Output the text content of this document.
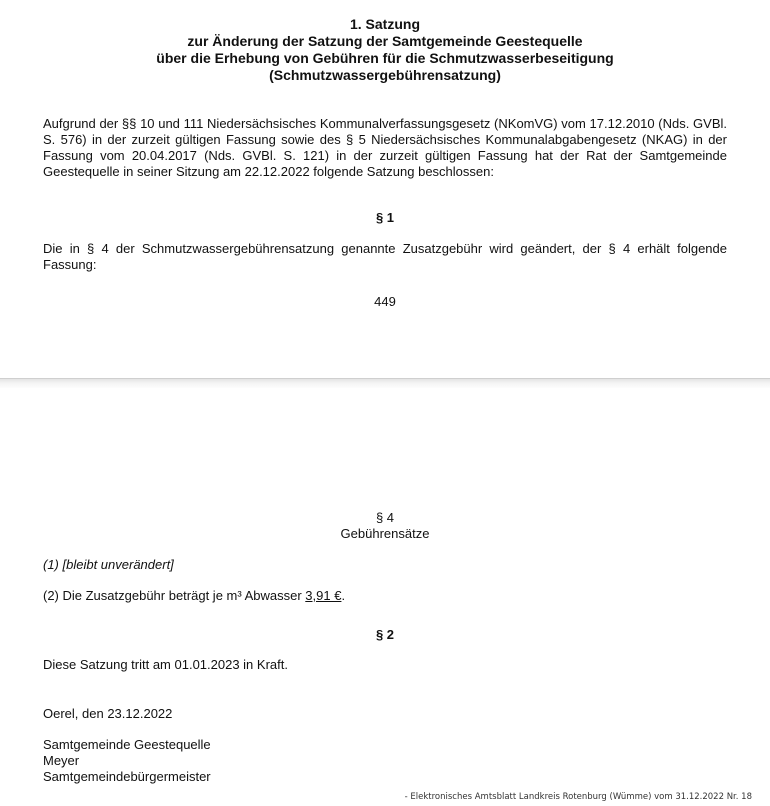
1. Satzung
zur Änderung der Satzung der Samtgemeinde Geestequelle
über die Erhebung von Gebühren für die Schmutzwasserbeseitigung
(Schmutzwassergebührensatzung)
Aufgrund der §§ 10 und 111 Niedersächsisches Kommunalverfassungsgesetz (NKomVG) vom 17.12.2010 (Nds. GVBl. S. 576) in der zurzeit gültigen Fassung sowie des § 5 Niedersächsisches Kommunalabgabengesetz (NKAG) in der Fassung vom 20.04.2017 (Nds. GVBl. S. 121) in der zurzeit gültigen Fassung hat der Rat der Samtgemeinde Geestequelle in seiner Sitzung am 22.12.2022 folgende Satzung beschlossen:
§ 1
Die in § 4 der Schmutzwassergebührensatzung genannte Zusatzgebühr wird geändert, der § 4 erhält folgende Fassung:
449
§ 4
Gebührensätze
(1) [bleibt unverändert]
(2) Die Zusatzgebühr beträgt je m³ Abwasser 3,91 €.
§ 2
Diese Satzung tritt am 01.01.2023 in Kraft.
Oerel, den 23.12.2022
Samtgemeinde Geestequelle
Meyer
Samtgemeindebürgermeister
- Elektronisches Amtsblatt Landkreis Rotenburg (Wümme) vom 31.12.2022 Nr. 18
